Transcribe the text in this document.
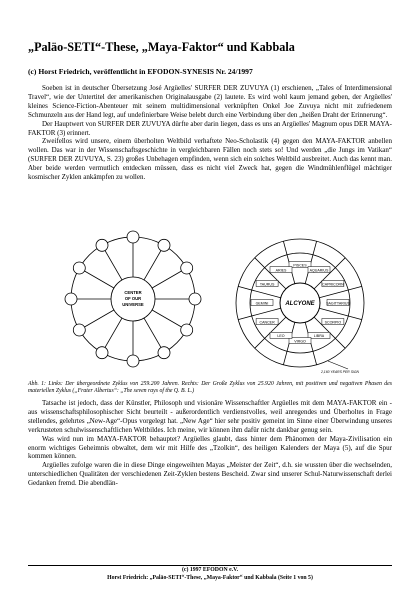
„Paläo-SETI“-These, „Maya-Faktor“ und Kabbala
(c) Horst Friedrich, veröffentlicht in EFODON-SYNESIS Nr. 24/1997

Soeben ist in deutscher Übersetzung José Argüelles' SURFER DER ZUVUYA (1) erschienen, „Tales of Interdimensional Travel“, wie der Untertitel der amerikanischen Originalausgabe (2) lautete. Es wird wohl kaum jemand geben, der Argüelles' kleines Science-Fiction-Abenteuer mit seinem multidimensional verknüpften Onkel Joe Zuvuya nicht mit zufriedenem Schmunzeln aus der Hand legt, auf undefinierbare Weise belebt durch eine Verbindung über den „heißen Draht der Erinnerung“.

Der Hauptwert von SURFER DER ZUVUYA dürfte aber darin liegen, dass es uns an Argüelles' Magnum opus DER MAYA-FAKTOR (3) erinnert.

Zweifellos wird unsere, einem überholten Weltbild verhaftete Neo-Scholastik (4) gegen den MAYA-FAKTOR anbellen wollen. Das war in der Wissenschaftsgeschichte in vergleichbaren Fällen noch stets so! Und werden „die Jungs im Vatikan“ (SURFER DER ZUVUYA, S. 23) großes Unbehagen empfinden, wenn sich ein solches Weltbild ausbreitet. Auch das kennt man. Aber beide werden vermutlich entdecken müssen, dass es nicht viel Zweck hat, gegen die Windmühlenflügel mächtiger kosmischer Zyklen ankämpfen zu wollen.

CENTER
OF OUR
UNIVERSE	ALCYONE
PISCES
AQUARIUS
CAPRICORN
SAGITTARIUS
SCORPIO
LIBRA
VIRGO
LEO
CANCER
GEMINI
TAURUS
ARIES
2,160 YEARS PER SIGN
Abb. 1: Links: Der übergeordnete Zyklus von 259.200 Jahren. Rechts: Der Große Zyklus von 25.920 Jahren, mit positiven und negativen Phasen des materiellen Zyklus („Frater Albertus“: „The seven rays of the Q. B. L.)

Tatsache ist jedoch, dass der Künstler, Philosoph und visionäre Wissenschaftler Argüelles mit dem MAYA-FAKTOR ein - aus wissenschaftsphilosophischer Sicht beurteilt - außerordentlich verdienstvolles, weil anregendes und Überholtes in Frage stellendes, gelehrtes „New-Age“-Opus vorgelegt hat. „New Age“ hier sehr positiv gemeint im Sinne einer Überwindung unseres verkrusteten schulwissenschaftlichen Weltbildes. Ich meine, wir können ihm dafür nicht dankbar genug sein.

Was wird nun im MAYA-FAKTOR behauptet? Argüelles glaubt, dass hinter dem Phänomen der Maya-Zivilisation ein enorm wichtiges Geheimnis obwaltet, dem wir mit Hilfe des „Tzolkin“, des heiligen Kalenders der Maya (5), auf die Spur kommen können.

Argüelles zufolge waren die in diese Dinge eingeweihten Mayas „Meister der Zeit“, d.h. sie wussten über die wechselnden, unterschiedlichen Qualitäten der verschiedenen Zeit-Zyklen bestens Bescheid. Zwar sind unserer Schul-Naturwissenschaft derlei Gedanken fremd. Die abendlän-

(c) 1997 EFODON e.V.
Horst Friedrich: „Paläo-SETI“-These, „Maya-Faktor“ und Kabbala (Seite 1 von 5)
